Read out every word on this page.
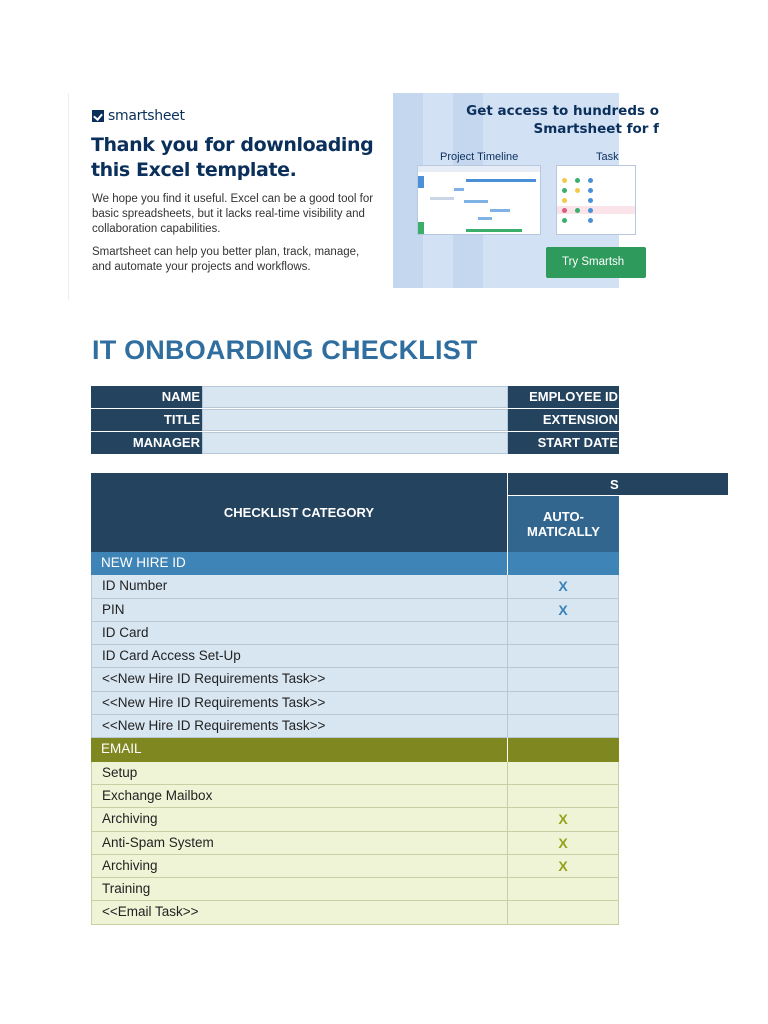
smartsheet
Thank you for downloading this Excel template.
We hope you find it useful. Excel can be a good tool for basic spreadsheets, but it lacks real-time visibility and collaboration capabilities.
Smartsheet can help you better plan, track, manage, and automate your projects and workflows.
Get access to hundreds o
Smartsheet for f
Project Timeline	Task
Try Smartsh
IT ONBOARDING CHECKLIST
NAME	EMPLOYEE ID
TITLE	EXTENSION
MANAGER	START DATE
CHECKLIST CATEGORY
S
AUTO-
MATICALLY
NEW HIRE ID
ID Number	X
PIN	X
ID Card
ID Card Access Set-Up
<<New Hire ID Requirements Task>>
<<New Hire ID Requirements Task>>
<<New Hire ID Requirements Task>>
EMAIL
Setup
Exchange Mailbox
Archiving	X
Anti-Spam System	X
Archiving	X
Training
<<Email Task>>
